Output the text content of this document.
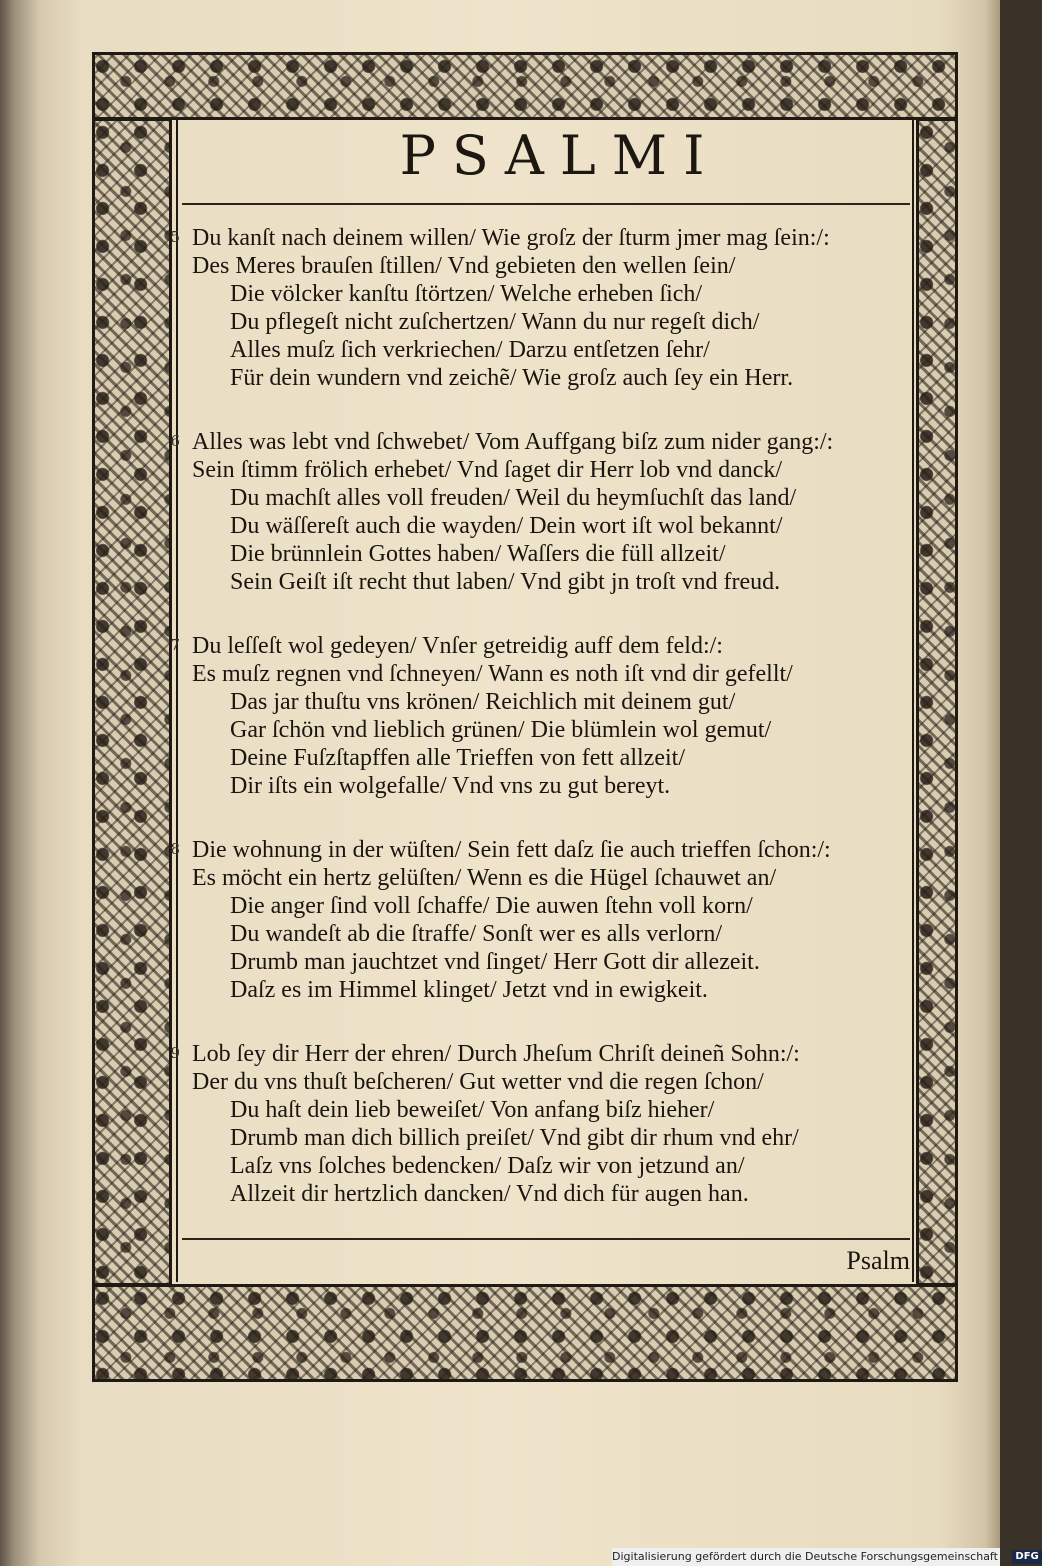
PSALMI
5 Du kanſt nach deinem willen/ Wie groſz der ſturm jmer mag ſein:/:
Des Meres brauſen ſtillen/ Vnd gebieten den wellen ſein/
Die völcker kanſtu ſtörtzen/ Welche erheben ſich/
Du pflegeſt nicht zuſchertzen/ Wann du nur regeſt dich/
Alles muſz ſich verkriechen/ Darzu entſetzen ſehr/
Für dein wundern vnd zeichẽ/ Wie groſz auch ſey ein Herr.
6 Alles was lebt vnd ſchwebet/ Vom Auffgang biſz zum nider gang:/:
Sein ſtimm frölich erhebet/ Vnd ſaget dir Herr lob vnd danck/
Du machſt alles voll freuden/ Weil du heymſuchſt das land/
Du wäſſereſt auch die wayden/ Dein wort iſt wol bekannt/
Die brünnlein Gottes haben/ Waſſers die füll allzeit/
Sein Geiſt iſt recht thut laben/ Vnd gibt jn troſt vnd freud.
7 Du leſſeſt wol gedeyen/ Vnſer getreidig auff dem feld:/:
Es muſz regnen vnd ſchneyen/ Wann es noth iſt vnd dir gefellt/
Das jar thuſtu vns krönen/ Reichlich mit deinem gut/
Gar ſchön vnd lieblich grünen/ Die blümlein wol gemut/
Deine Fuſzſtapffen alle Trieffen von fett allzeit/
Dir iſts ein wolgefalle/ Vnd vns zu gut bereyt.
8 Die wohnung in der wüſten/ Sein fett daſz ſie auch trieffen ſchon:/:
Es möcht ein hertz gelüſten/ Wenn es die Hügel ſchauwet an/
Die anger ſind voll ſchaffe/ Die auwen ſtehn voll korn/
Du wandeſt ab die ſtraffe/ Sonſt wer es alls verlorn/
Drumb man jauchtzet vnd ſinget/ Herr Gott dir allezeit.
Daſz es im Himmel klinget/ Jetzt vnd in ewigkeit.
9 Lob ſey dir Herr der ehren/ Durch Jheſum Chriſt deineñ Sohn:/:
Der du vns thuſt beſcheren/ Gut wetter vnd die regen ſchon/
Du haſt dein lieb beweiſet/ Von anfang biſz hieher/
Drumb man dich billich preiſet/ Vnd gibt dir rhum vnd ehr/
Laſz vns ſolches bedencken/ Daſz wir von jetzund an/
Allzeit dir hertzlich dancken/ Vnd dich für augen han.
Psalm
Digitalisierung gefördert durch die Deutsche Forschungsgemeinschaft · DFG
